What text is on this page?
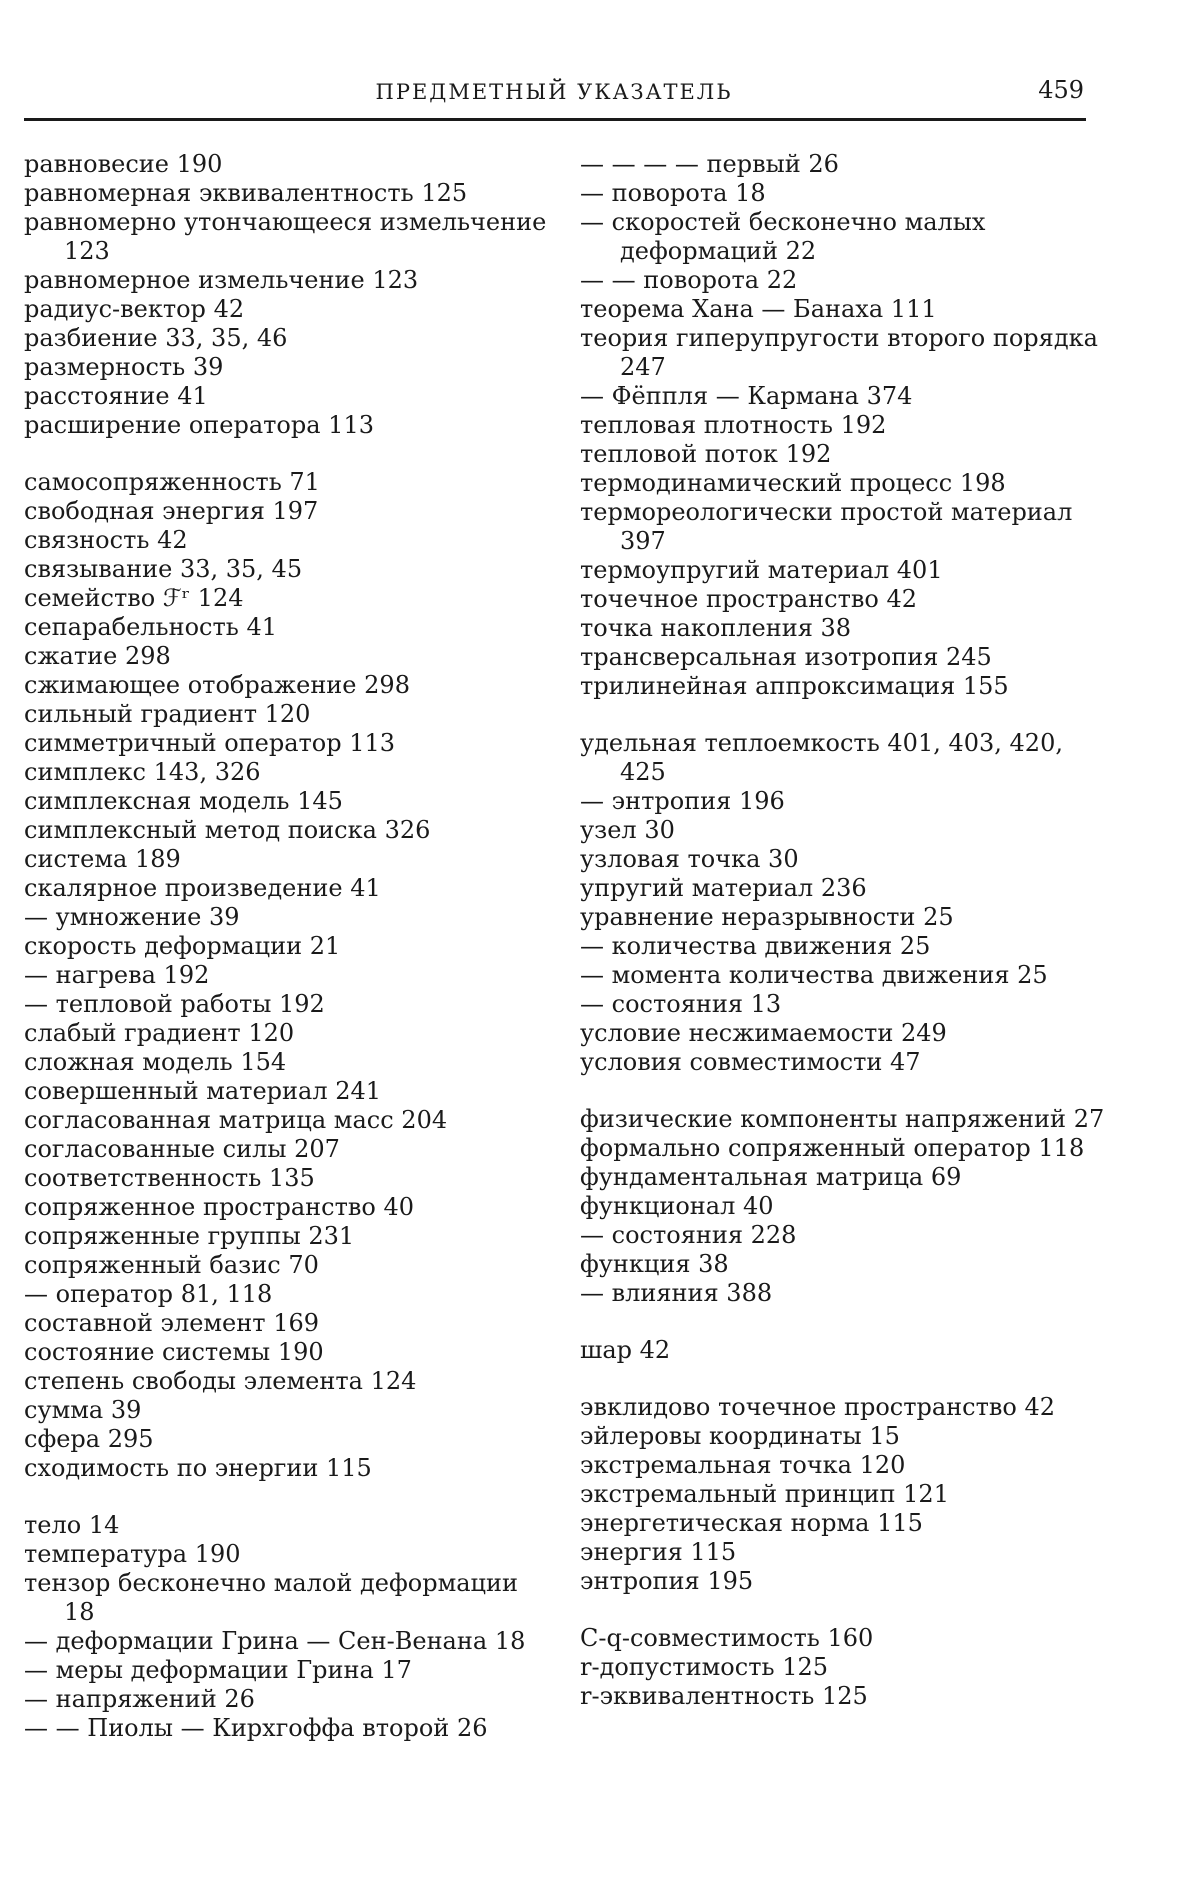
ПРЕДМЕТНЫЙ УКАЗАТЕЛЬ	459
равновесие 190
равномерная эквивалентность 125
равномерно утончающееся измельчение 123
равномерное измельчение 123
радиус-вектор 42
разбиение 33, 35, 46
размерность 39
расстояние 41
расширение оператора 113
самосопряженность 71
свободная энергия 197
связность 42
связывание 33, 35, 45
семейство ℱʳ 124
сепарабельность 41
сжатие 298
сжимающее отображение 298
сильный градиент 120
симметричный оператор 113
симплекс 143, 326
симплексная модель 145
симплексный метод поиска 326
система 189
скалярное произведение 41
— умножение 39
скорость деформации 21
— нагрева 192
— тепловой работы 192
слабый градиент 120
сложная модель 154
совершенный материал 241
согласованная матрица масс 204
согласованные силы 207
соответственность 135
сопряженное пространство 40
сопряженные группы 231
сопряженный базис 70
— оператор 81, 118
составной элемент 169
состояние системы 190
степень свободы элемента 124
сумма 39
сфера 295
сходимость по энергии 115
тело 14
температура 190
тензор бесконечно малой деформации 18
— деформации Грина — Сен-Венана 18
— меры деформации Грина 17
— напряжений 26
— — Пиолы — Кирхгоффа второй 26
— — — — первый 26
— поворота 18
— скоростей бесконечно малых деформаций 22
— — поворота 22
теорема Хана — Банаха 111
теория гиперупругости второго порядка 247
— Фёппля — Кармана 374
тепловая плотность 192
тепловой поток 192
термодинамический процесс 198
термореологически простой материал 397
термоупругий материал 401
точечное пространство 42
точка накопления 38
трансверсальная изотропия 245
трилинейная аппроксимация 155
удельная теплоемкость 401, 403, 420, 425
— энтропия 196
узел 30
узловая точка 30
упругий материал 236
уравнение неразрывности 25
— количества движения 25
— момента количества движения 25
— состояния 13
условие несжимаемости 249
условия совместимости 47
физические компоненты напряжений 27
формально сопряженный оператор 118
фундаментальная матрица 69
функционал 40
— состояния 228
функция 38
— влияния 388
шар 42
эвклидово точечное пространство 42
эйлеровы координаты 15
экстремальная точка 120
экстремальный принцип 121
энергетическая норма 115
энергия 115
энтропия 195
C-q-совместимость 160
r-допустимость 125
r-эквивалентность 125
